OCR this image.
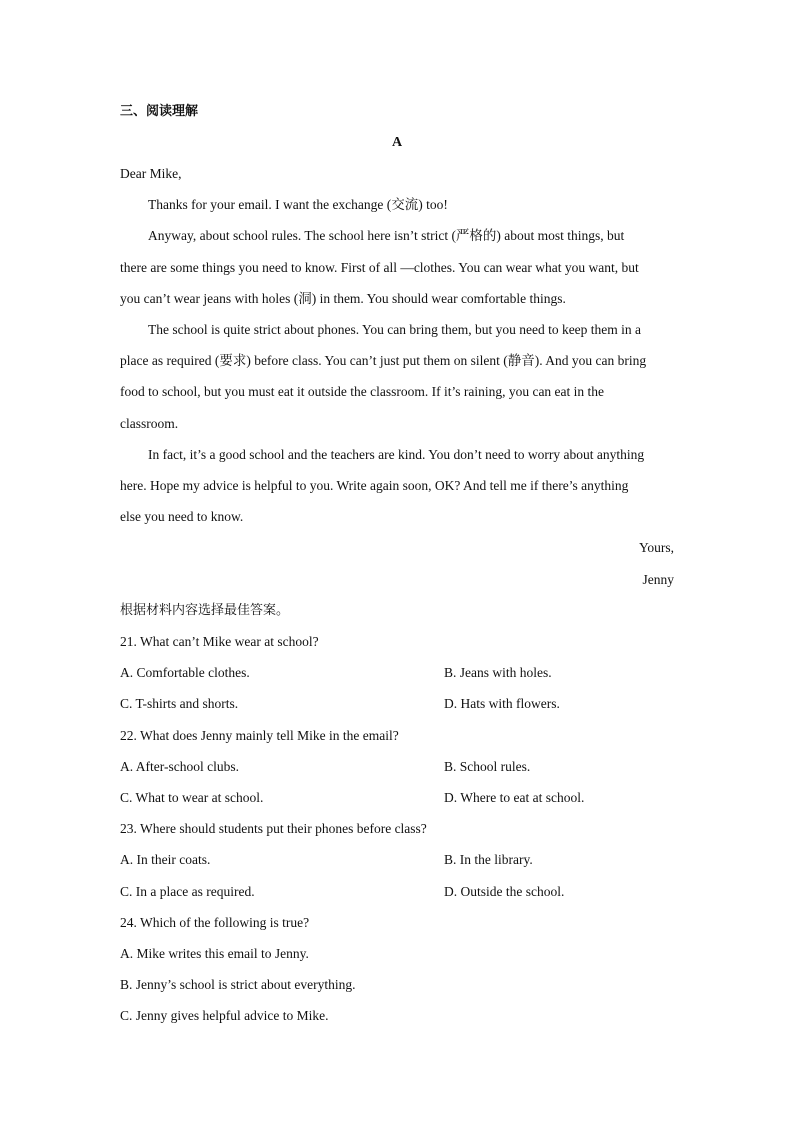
三、阅读理解
A
Dear Mike,
Thanks for your email. I want the exchange (交流) too!
Anyway, about school rules. The school here isn’t strict (严格的) about most things, but
there are some things you need to know. First of all —clothes. You can wear what you want, but
you can’t wear jeans with holes (洞) in them. You should wear comfortable things.
The school is quite strict about phones. You can bring them, but you need to keep them in a
place as required (要求) before class. You can’t just put them on silent (静音). And you can bring
food to school, but you must eat it outside the classroom. If it’s raining, you can eat in the
classroom.
In fact, it’s a good school and the teachers are kind. You don’t need to worry about anything
here. Hope my advice is helpful to you. Write again soon, OK? And tell me if there’s anything
else you need to know.
Yours,
Jenny
根据材料内容选择最佳答案。
21. What can’t Mike wear at school?
A. Comfortable clothes.	B. Jeans with holes.
C. T-shirts and shorts.	D. Hats with flowers.
22. What does Jenny mainly tell Mike in the email?
A. After-school clubs.	B. School rules.
C. What to wear at school.	D. Where to eat at school.
23. Where should students put their phones before class?
A. In their coats.	B. In the library.
C. In a place as required.	D. Outside the school.
24. Which of the following is true?
A. Mike writes this email to Jenny.
B. Jenny’s school is strict about everything.
C. Jenny gives helpful advice to Mike.
